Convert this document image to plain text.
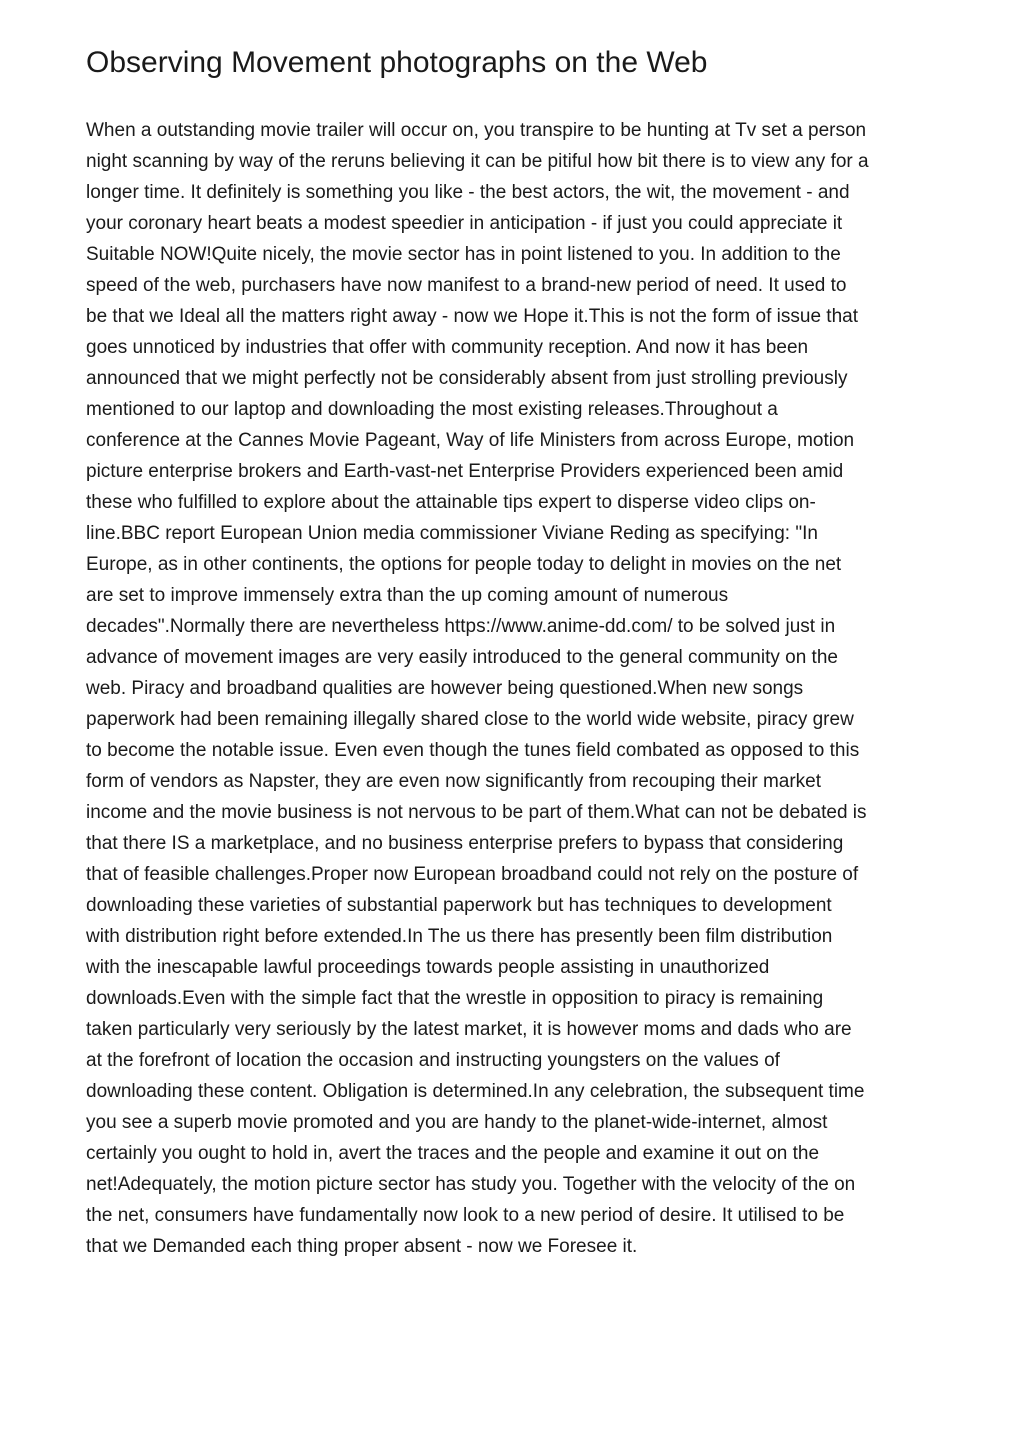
Observing Movement photographs on the Web

When a outstanding movie trailer will occur on, you transpire to be hunting at Tv set a person
night scanning by way of the reruns believing it can be pitiful how bit there is to view any for a
longer time. It definitely is something you like - the best actors, the wit, the movement - and
your coronary heart beats a modest speedier in anticipation - if just you could appreciate it
Suitable NOW!Quite nicely, the movie sector has in point listened to you. In addition to the
speed of the web, purchasers have now manifest to a brand-new period of need. It used to
be that we Ideal all the matters right away - now we Hope it.This is not the form of issue that
goes unnoticed by industries that offer with community reception. And now it has been
announced that we might perfectly not be considerably absent from just strolling previously
mentioned to our laptop and downloading the most existing releases.Throughout a
conference at the Cannes Movie Pageant, Way of life Ministers from across Europe, motion
picture enterprise brokers and Earth-vast-net Enterprise Providers experienced been amid
these who fulfilled to explore about the attainable tips expert to disperse video clips on-
line.BBC report European Union media commissioner Viviane Reding as specifying: "In
Europe, as in other continents, the options for people today to delight in movies on the net
are set to improve immensely extra than the up coming amount of numerous
decades".Normally there are nevertheless https://www.anime-dd.com/ to be solved just in
advance of movement images are very easily introduced to the general community on the
web. Piracy and broadband qualities are however being questioned.When new songs
paperwork had been remaining illegally shared close to the world wide website, piracy grew
to become the notable issue. Even even though the tunes field combated as opposed to this
form of vendors as Napster, they are even now significantly from recouping their market
income and the movie business is not nervous to be part of them.What can not be debated is
that there IS a marketplace, and no business enterprise prefers to bypass that considering
that of feasible challenges.Proper now European broadband could not rely on the posture of
downloading these varieties of substantial paperwork but has techniques to development
with distribution right before extended.In The us there has presently been film distribution
with the inescapable lawful proceedings towards people assisting in unauthorized
downloads.Even with the simple fact that the wrestle in opposition to piracy is remaining
taken particularly very seriously by the latest market, it is however moms and dads who are
at the forefront of location the occasion and instructing youngsters on the values of
downloading these content. Obligation is determined.In any celebration, the subsequent time
you see a superb movie promoted and you are handy to the planet-wide-internet, almost
certainly you ought to hold in, avert the traces and the people and examine it out on the
net!Adequately, the motion picture sector has study you. Together with the velocity of the on
the net, consumers have fundamentally now look to a new period of desire. It utilised to be
that we Demanded each thing proper absent - now we Foresee it.
